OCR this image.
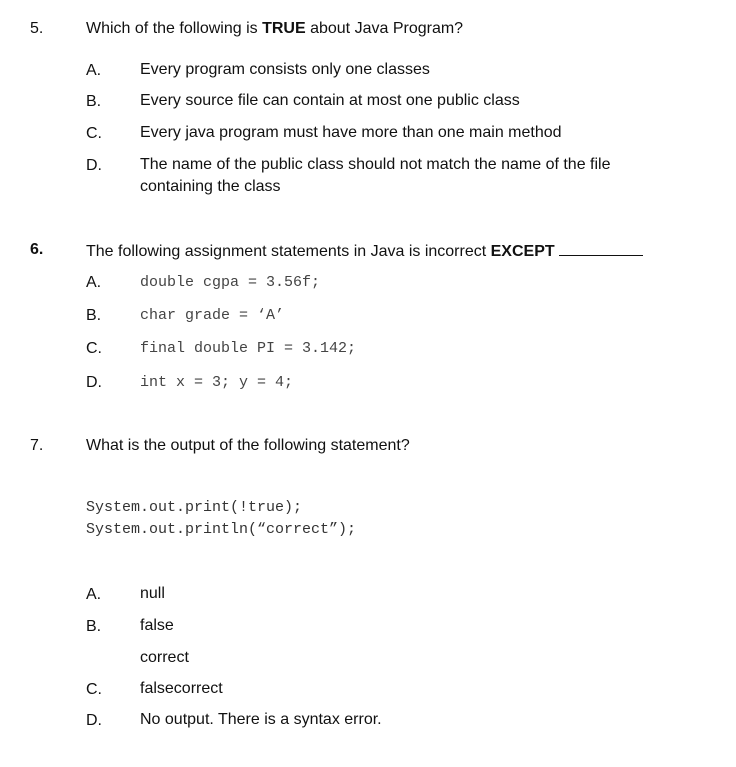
5.	Which of the following is TRUE about Java Program?
A. Every program consists only one classes
B. Every source file can contain at most one public class
C. Every java program must have more than one main method
D. The name of the public class should not match the name of the file
containing the class
6.	The following assignment statements in Java is incorrect EXCEPT
A.	double cgpa = 3.56f;
B.	char grade = ‘A’
C.	final double PI = 3.142;
D.	int x = 3; y = 4;
7.	What is the output of the following statement?
System.out.print(!true);
System.out.println(“correct”);
A. null
B. false
correct
C. falsecorrect
D. No output. There is a syntax error.
